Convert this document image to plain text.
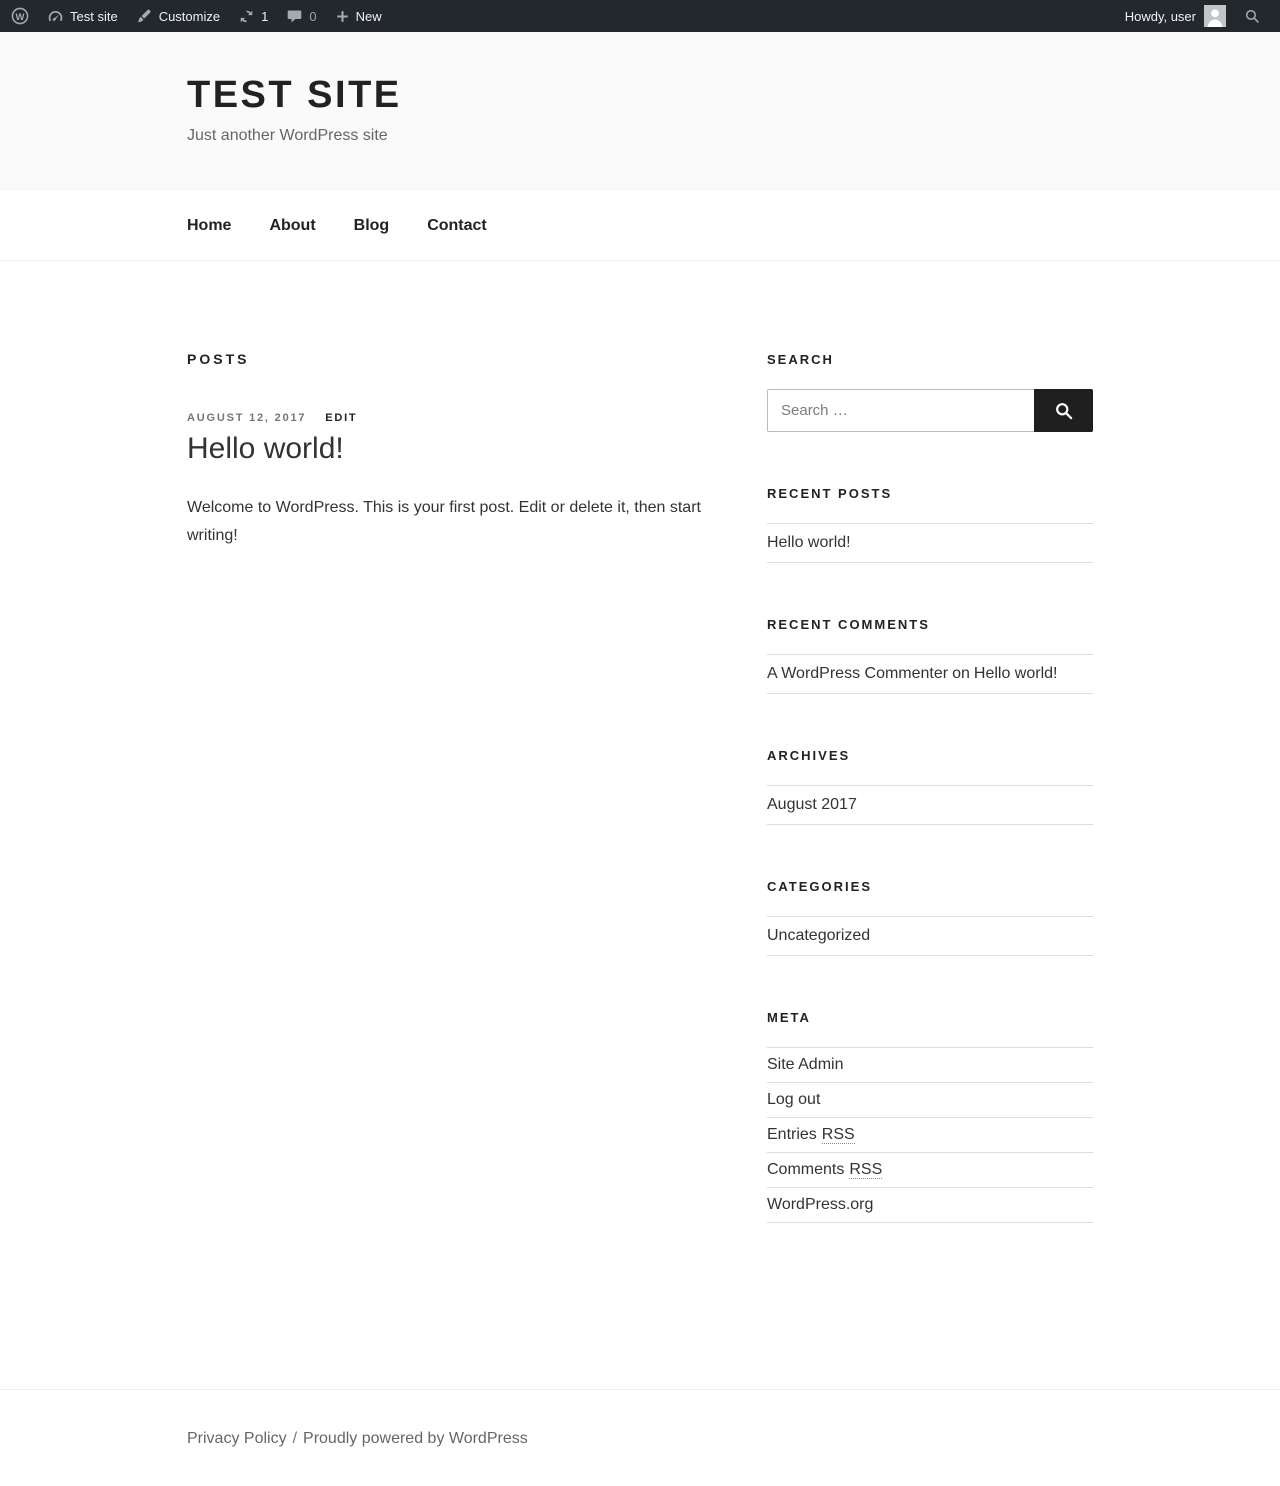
W	Test site	Customize	1	0	New	Howdy, user
TEST SITE

Just another WordPress site

Home About Blog Contact
POSTS
AUGUST 12, 2017 EDIT
Hello world!

Welcome to WordPress. This is your first post. Edit or delete it, then start writing!

SEARCH
Search …
RECENT POSTS
Hello world!
RECENT COMMENTS
A WordPress Commenter on Hello world!
ARCHIVES
August 2017
CATEGORIES
Uncategorized
META
Site Admin
Log out
Entries RSS
Comments RSS
WordPress.org
Privacy Policy / Proudly powered by WordPress
